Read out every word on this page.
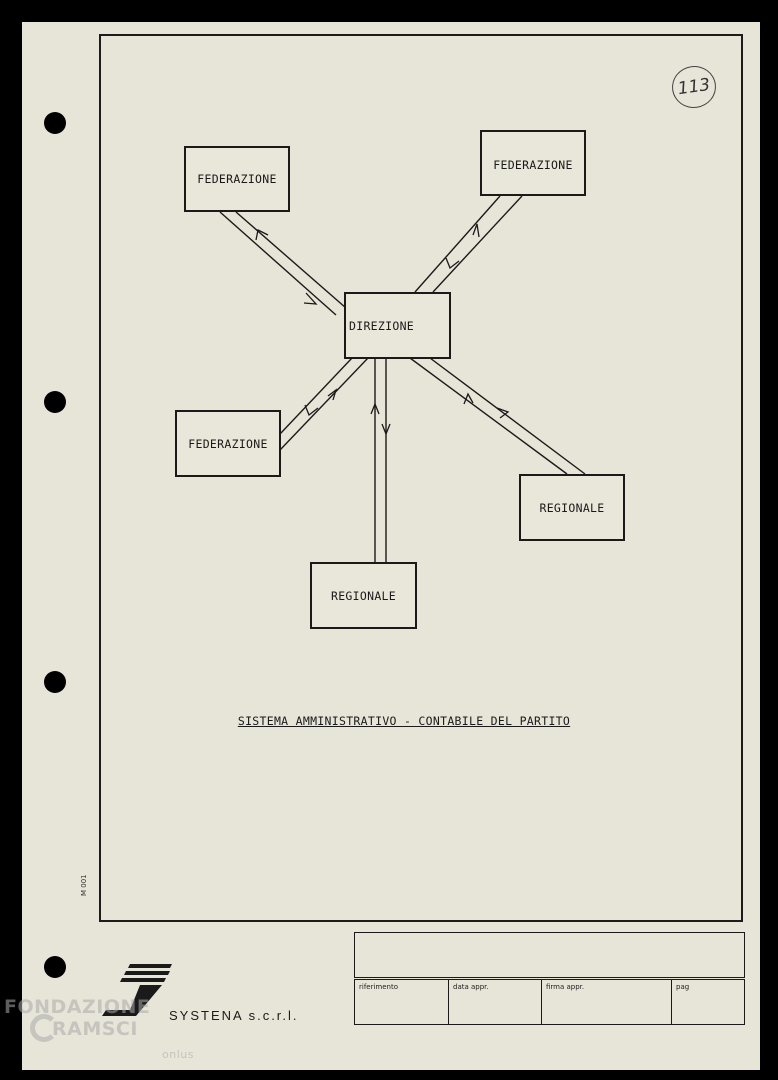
113
FEDERAZIONE
FEDERAZIONE
DIREZIONE
FEDERAZIONE
REGIONALE
REGIONALE
SISTEMA AMMINISTRATIVO - CONTABILE DEL PARTITO
M 001
riferimento	data appr.	firma appr.	pag
SYSTENA s.c.r.l.
FONDAZIONE
RAMSCI
onlus
